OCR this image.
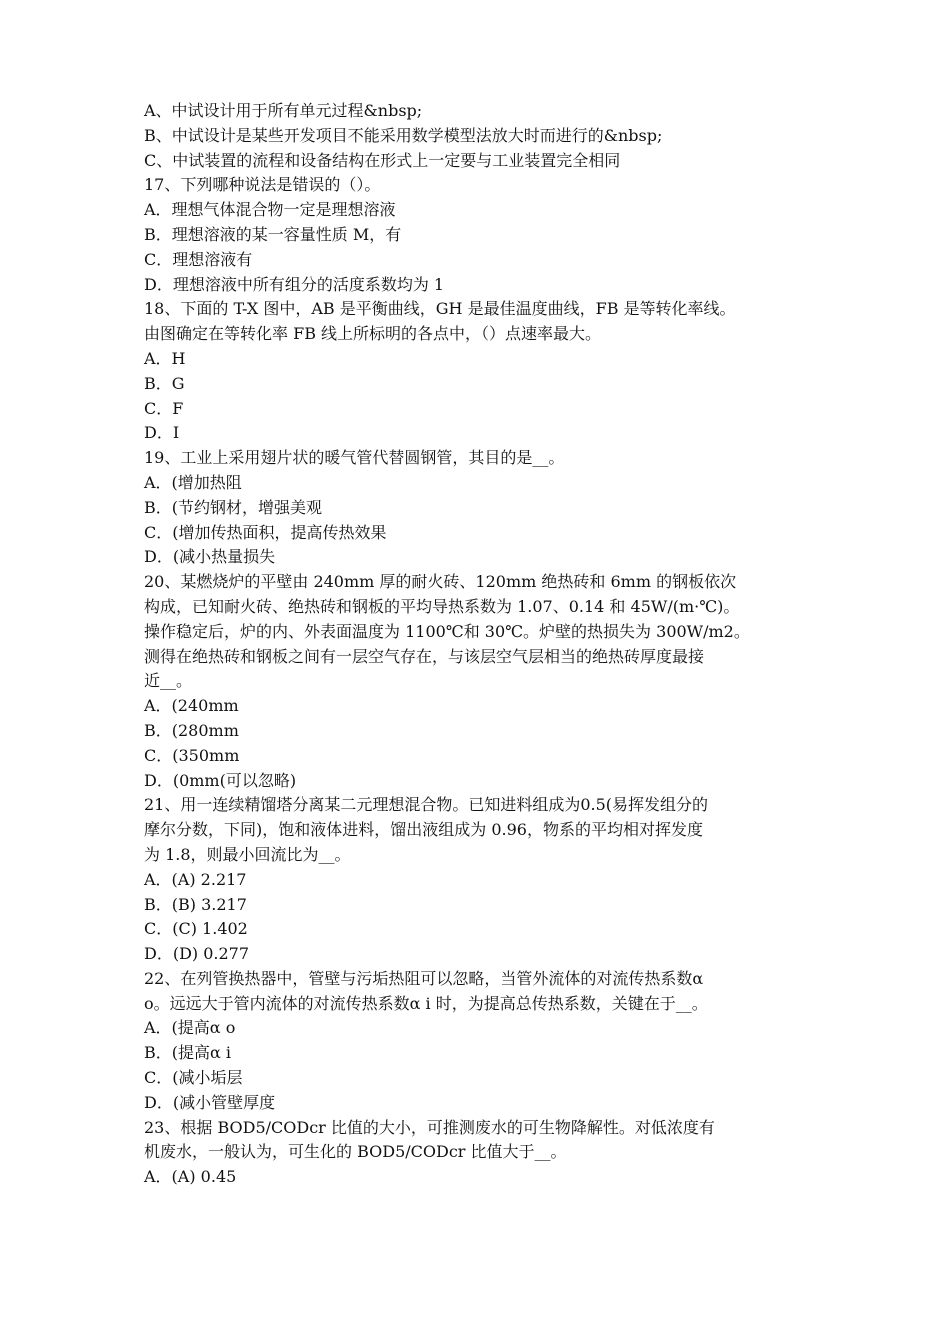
A、中试设计用于所有单元过程&nbsp;

B、中试设计是某些开发项目不能采用数学模型法放大时而进行的&nbsp;

C、中试装置的流程和设备结构在形式上一定要与工业装置完全相同

17、下列哪种说法是错误的（）。

A．理想气体混合物一定是理想溶液

B．理想溶液的某一容量性质 M，有

C．理想溶液有

D．理想溶液中所有组分的活度系数均为 1

18、下面的 T-X 图中，AB 是平衡曲线，GH 是最佳温度曲线，FB 是等转化率线。

由图确定在等转化率 FB 线上所标明的各点中，（）点速率最大。

A．H

B．G

C．F

D．I

19、工业上采用翅片状的暖气管代替圆钢管，其目的是__。

A．(增加热阻

B．(节约钢材，增强美观

C．(增加传热面积，提高传热效果

D．(减小热量损失

20、某燃烧炉的平壁由 240mm 厚的耐火砖、120mm 绝热砖和 6mm 的钢板依次

构成，已知耐火砖、绝热砖和钢板的平均导热系数为 1.07、0.14 和 45W/(m·℃)。

操作稳定后，炉的内、外表面温度为 1100℃和 30℃。炉壁的热损失为 300W/m2。

测得在绝热砖和钢板之间有一层空气存在，与该层空气层相当的绝热砖厚度最接

近__。

A．(240mm

B．(280mm

C．(350mm

D．(0mm(可以忽略)

21、用一连续精馏塔分离某二元理想混合物。已知进料组成为0.5(易挥发组分的

摩尔分数，下同)，饱和液体进料，馏出液组成为 0.96，物系的平均相对挥发度

为 1.8，则最小回流比为__。

A．(A) 2.217

B．(B) 3.217

C．(C) 1.402

D．(D) 0.277

22、在列管换热器中，管壁与污垢热阻可以忽略，当管外流体的对流传热系数α

o。远远大于管内流体的对流传热系数α i 时，为提高总传热系数，关键在于__。

A．(提高α o

B．(提高α i

C．(减小垢层

D．(减小管壁厚度

23、根据 BOD5/CODcr 比值的大小，可推测废水的可生物降解性。对低浓度有

机废水，一般认为，可生化的 BOD5/CODcr 比值大于__。

A．(A) 0.45
